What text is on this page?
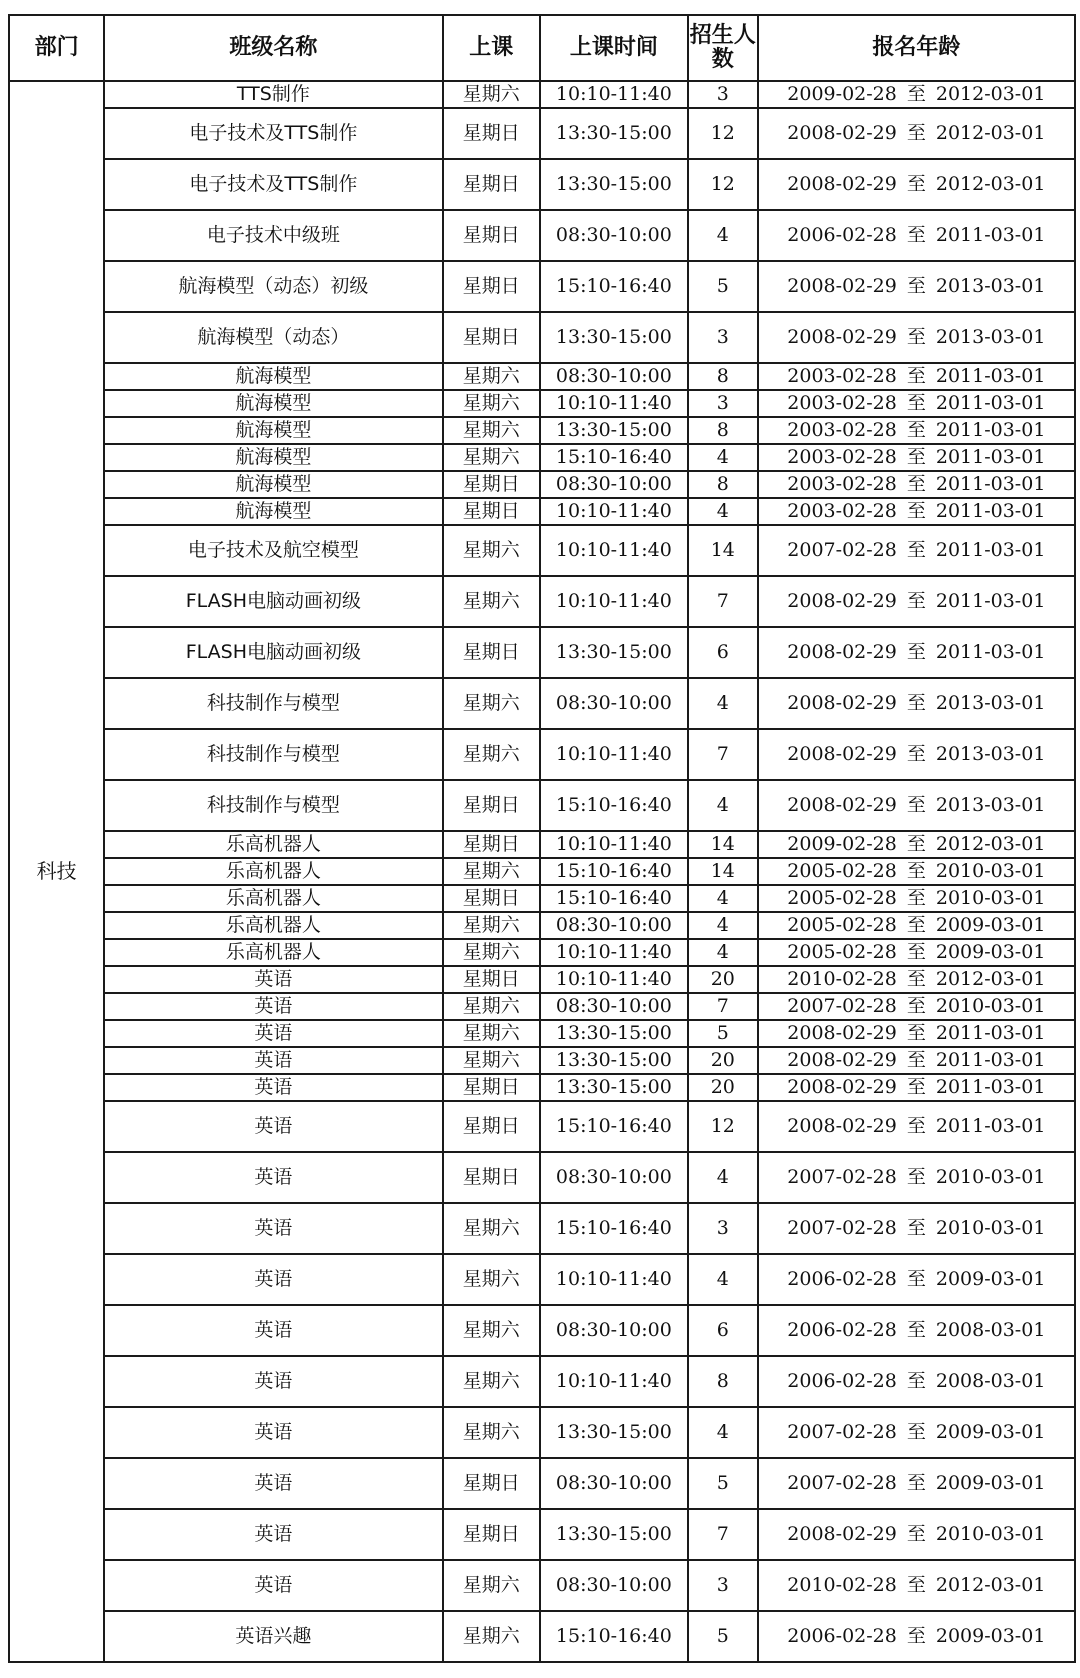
部门	班级名称	上课	上课时间	招生人数	报名年龄
科技	TTS制作	星期六	10:10-11:40	3	2009-02-28 至 2012-03-01
	电子技术及TTS制作	星期日	13:30-15:00	12	2008-02-29 至 2012-03-01
	电子技术及TTS制作	星期日	13:30-15:00	12	2008-02-29 至 2012-03-01
	电子技术中级班	星期日	08:30-10:00	4	2006-02-28 至 2011-03-01
	航海模型（动态）初级	星期日	15:10-16:40	5	2008-02-29 至 2013-03-01
	航海模型（动态）	星期日	13:30-15:00	3	2008-02-29 至 2013-03-01
	航海模型	星期六	08:30-10:00	8	2003-02-28 至 2011-03-01
	航海模型	星期六	10:10-11:40	3	2003-02-28 至 2011-03-01
	航海模型	星期六	13:30-15:00	8	2003-02-28 至 2011-03-01
	航海模型	星期六	15:10-16:40	4	2003-02-28 至 2011-03-01
	航海模型	星期日	08:30-10:00	8	2003-02-28 至 2011-03-01
	航海模型	星期日	10:10-11:40	4	2003-02-28 至 2011-03-01
	电子技术及航空模型	星期六	10:10-11:40	14	2007-02-28 至 2011-03-01
	FLASH电脑动画初级	星期六	10:10-11:40	7	2008-02-29 至 2011-03-01
	FLASH电脑动画初级	星期日	13:30-15:00	6	2008-02-29 至 2011-03-01
	科技制作与模型	星期六	08:30-10:00	4	2008-02-29 至 2013-03-01
	科技制作与模型	星期六	10:10-11:40	7	2008-02-29 至 2013-03-01
	科技制作与模型	星期日	15:10-16:40	4	2008-02-29 至 2013-03-01
	乐高机器人	星期日	10:10-11:40	14	2009-02-28 至 2012-03-01
	乐高机器人	星期六	15:10-16:40	14	2005-02-28 至 2010-03-01
	乐高机器人	星期日	15:10-16:40	4	2005-02-28 至 2010-03-01
	乐高机器人	星期六	08:30-10:00	4	2005-02-28 至 2009-03-01
	乐高机器人	星期六	10:10-11:40	4	2005-02-28 至 2009-03-01
	英语	星期日	10:10-11:40	20	2010-02-28 至 2012-03-01
	英语	星期六	08:30-10:00	7	2007-02-28 至 2010-03-01
	英语	星期六	13:30-15:00	5	2008-02-29 至 2011-03-01
	英语	星期六	13:30-15:00	20	2008-02-29 至 2011-03-01
	英语	星期日	13:30-15:00	20	2008-02-29 至 2011-03-01
	英语	星期日	15:10-16:40	12	2008-02-29 至 2011-03-01
	英语	星期日	08:30-10:00	4	2007-02-28 至 2010-03-01
	英语	星期六	15:10-16:40	3	2007-02-28 至 2010-03-01
	英语	星期六	10:10-11:40	4	2006-02-28 至 2009-03-01
	英语	星期六	08:30-10:00	6	2006-02-28 至 2008-03-01
	英语	星期六	10:10-11:40	8	2006-02-28 至 2008-03-01
	英语	星期六	13:30-15:00	4	2007-02-28 至 2009-03-01
	英语	星期日	08:30-10:00	5	2007-02-28 至 2009-03-01
	英语	星期日	13:30-15:00	7	2008-02-29 至 2010-03-01
	英语	星期六	08:30-10:00	3	2010-02-28 至 2012-03-01
	英语兴趣	星期六	15:10-16:40	5	2006-02-28 至 2009-03-01
